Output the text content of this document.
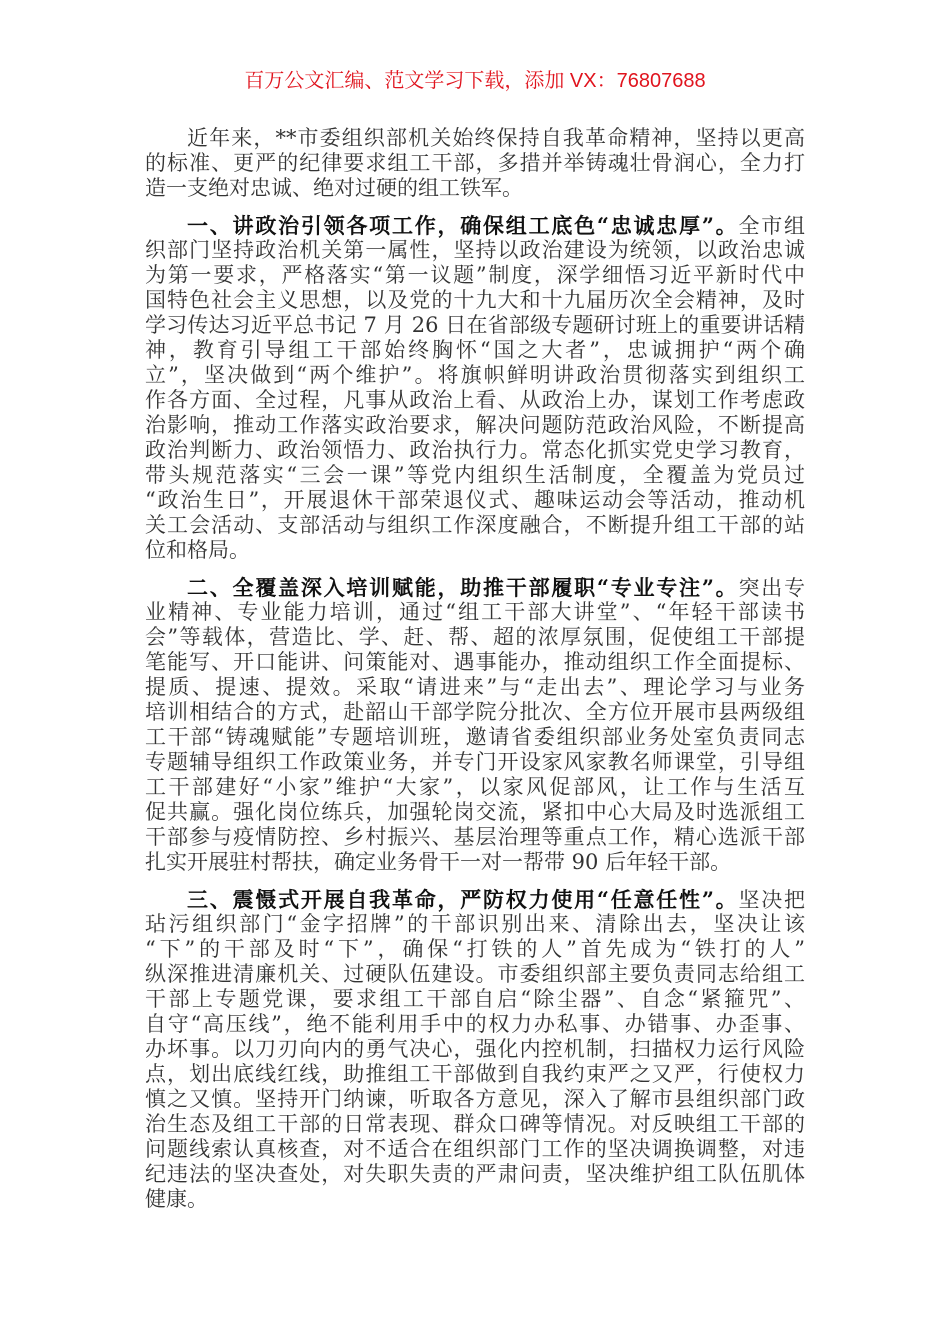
百万公文汇编、范文学习下载，添加 VX：76807688
近年来，**市委组织部机关始终保持自我革命精神，坚持以更高
的标准、更严的纪律要求组工干部，多措并举铸魂壮骨润心，全力打
造一支绝对忠诚、绝对过硬的组工铁军。
一、讲政治引领各项工作，确保组工底色“忠诚忠厚”。全市组
织部门坚持政治机关第一属性，坚持以政治建设为统领，以政治忠诚
为第一要求，严格落实“第一议题”制度，深学细悟习近平新时代中
国特色社会主义思想，以及党的十九大和十九届历次全会精神，及时
学习传达习近平总书记 7 月 26 日在省部级专题研讨班上的重要讲话精
神，教育引导组工干部始终胸怀“国之大者”，忠诚拥护“两个确
立”，坚决做到“两个维护”。将旗帜鲜明讲政治贯彻落实到组织工
作各方面、全过程，凡事从政治上看、从政治上办，谋划工作考虑政
治影响，推动工作落实政治要求，解决问题防范政治风险，不断提高
政治判断力、政治领悟力、政治执行力。常态化抓实党史学习教育，
带头规范落实“三会一课”等党内组织生活制度，全覆盖为党员过
“政治生日”，开展退休干部荣退仪式、趣味运动会等活动，推动机
关工会活动、支部活动与组织工作深度融合，不断提升组工干部的站
位和格局。
二、全覆盖深入培训赋能，助推干部履职“专业专注”。突出专
业精神、专业能力培训，通过“组工干部大讲堂”、“年轻干部读书
会”等载体，营造比、学、赶、帮、超的浓厚氛围，促使组工干部提
笔能写、开口能讲、问策能对、遇事能办，推动组织工作全面提标、
提质、提速、提效。采取“请进来”与“走出去”、理论学习与业务
培训相结合的方式，赴韶山干部学院分批次、全方位开展市县两级组
工干部“铸魂赋能”专题培训班，邀请省委组织部业务处室负责同志
专题辅导组织工作政策业务，并专门开设家风家教名师课堂，引导组
工干部建好“小家”维护“大家”，以家风促部风，让工作与生活互
促共赢。强化岗位练兵，加强轮岗交流，紧扣中心大局及时选派组工
干部参与疫情防控、乡村振兴、基层治理等重点工作，精心选派干部
扎实开展驻村帮扶，确定业务骨干一对一帮带 90 后年轻干部。
三、震慑式开展自我革命，严防权力使用“任意任性”。坚决把
玷污组织部门“金字招牌”的干部识别出来、清除出去，坚决让该
“下”的干部及时“下”，确保“打铁的人”首先成为“铁打的人”
纵深推进清廉机关、过硬队伍建设。市委组织部主要负责同志给组工
干部上专题党课，要求组工干部自启“除尘器”、自念“紧箍咒”、
自守“高压线”，绝不能利用手中的权力办私事、办错事、办歪事、
办坏事。以刀刃向内的勇气决心，强化内控机制，扫描权力运行风险
点，划出底线红线，助推组工干部做到自我约束严之又严，行使权力
慎之又慎。坚持开门纳谏，听取各方意见，深入了解市县组织部门政
治生态及组工干部的日常表现、群众口碑等情况。对反映组工干部的
问题线索认真核查，对不适合在组织部门工作的坚决调换调整，对违
纪违法的坚决查处，对失职失责的严肃问责，坚决维护组工队伍肌体
健康。
